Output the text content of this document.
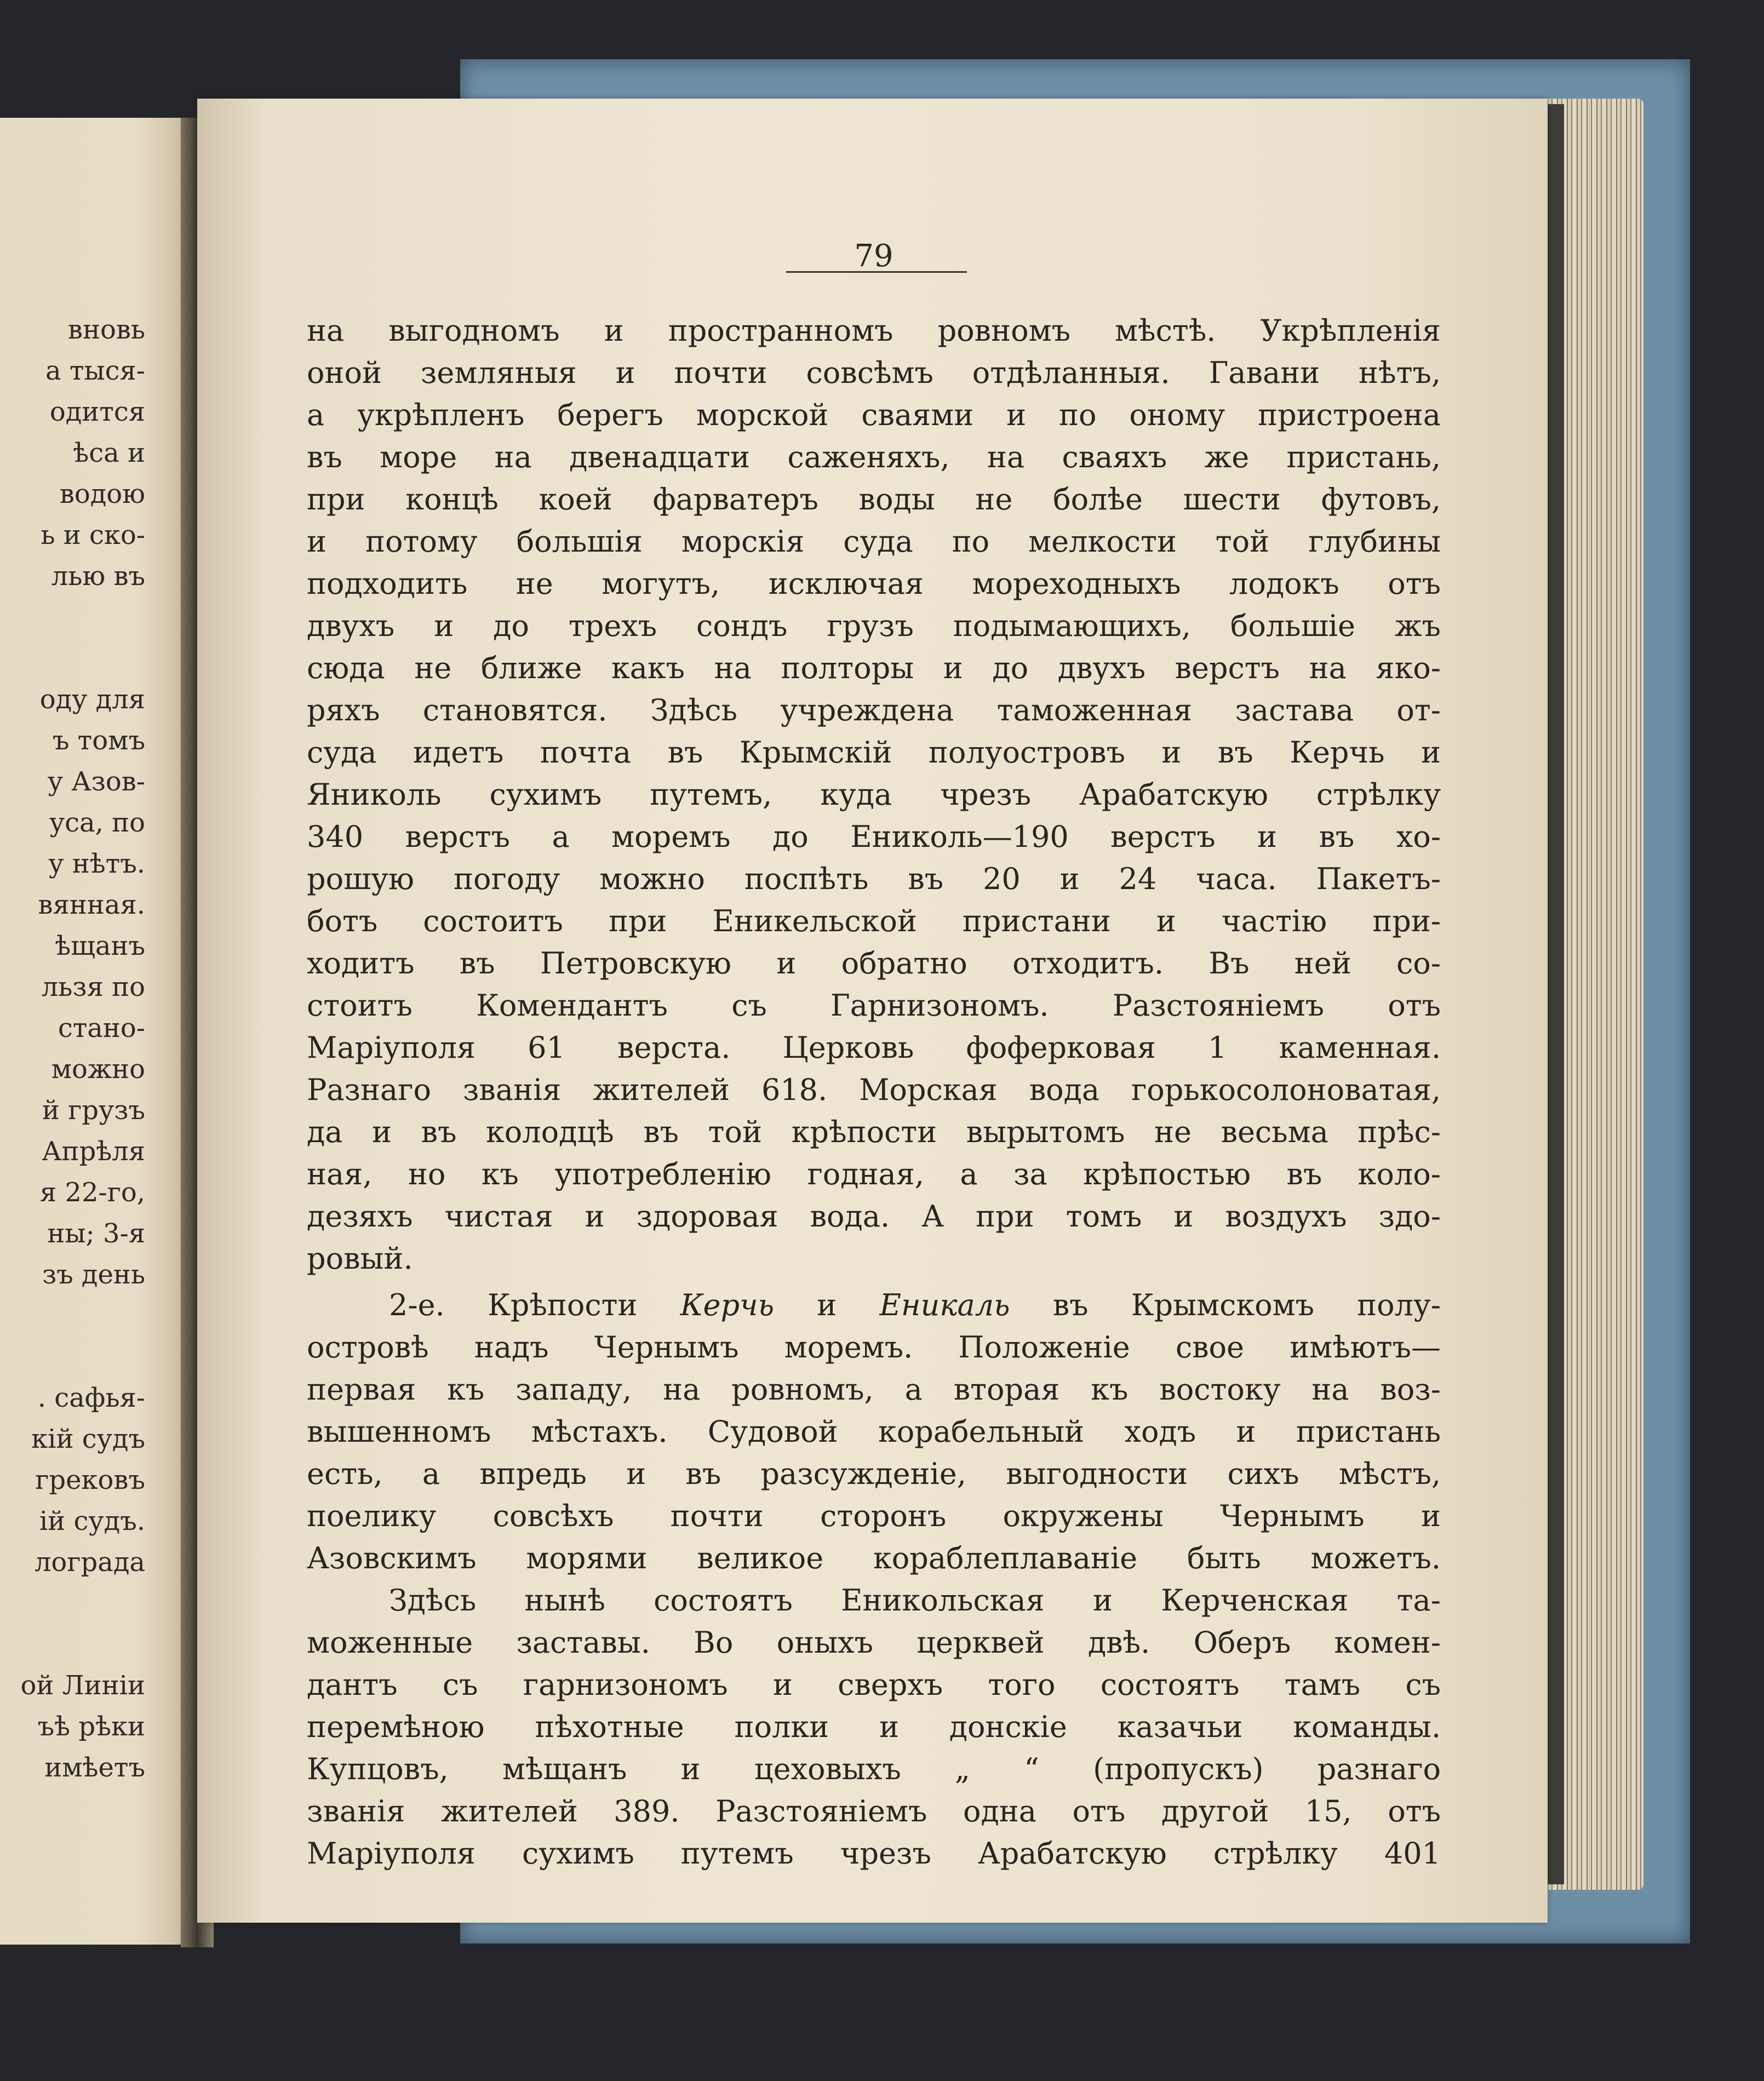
вновь
а тыся-
одится
ѣса и
водою
ь и ско-
лью въ
оду для
ъ томъ
у Азов-
уса, по
у нѣтъ.
вянная.
ѣщанъ
льзя по
стано-
можно
й грузъ
Апрѣля
я 22-го,
ны; 3-я
зъ день
. сафья-
кій судъ
грековъ
ій судъ.
лограда
ой Линіи
ъѣ рѣки
имѣетъ
79
на выгодномъ и пространномъ ровномъ мѣстѣ. Укрѣпленія
оной земляныя и почти совсѣмъ отдѣланныя. Гавани нѣтъ,
а укрѣпленъ берегъ морской сваями и по оному пристроена
въ море на двенадцати саженяхъ, на сваяхъ же пристань,
при концѣ коей фарватеръ воды не болѣе шести футовъ,
и потому большія морскія суда по мелкости той глубины
подходить не могутъ, исключая мореходныхъ лодокъ отъ
двухъ и до трехъ сондъ грузъ подымающихъ, большіе жъ
сюда не ближе какъ на полторы и до двухъ верстъ на яко-
ряхъ становятся. Здѣсь учреждена таможенная застава от-
суда идетъ почта въ Крымскій полуостровъ и въ Керчь и
Яниколь сухимъ путемъ, куда чрезъ Арабатскую стрѣлку
340 верстъ а моремъ до Ениколь—190 верстъ и въ хо-
рошую погоду можно поспѣть въ 20 и 24 часа. Пакетъ-
ботъ состоитъ при Еникельской пристани и частію при-
ходитъ въ Петровскую и обратно отходитъ. Въ ней со-
стоитъ Комендантъ съ Гарнизономъ. Разстояніемъ отъ
Маріуполя 61 верста. Церковь фоферковая 1 каменная.
Разнаго званія жителей 618. Морская вода горькосолоноватая,
да и въ колодцѣ въ той крѣпости вырытомъ не весьма прѣс-
ная, но къ употребленію годная, а за крѣпостью въ коло-
дезяхъ чистая и здоровая вода. А при томъ и воздухъ здо-
ровый.
2-е. Крѣпости Керчь и Еникаль въ Крымскомъ полу-
островѣ надъ Чернымъ моремъ. Положеніе свое имѣютъ—
первая къ западу, на ровномъ, а вторая къ востоку на воз-
вышенномъ мѣстахъ. Судовой корабельный ходъ и пристань
есть, а впредь и въ разсужденіе, выгодности сихъ мѣстъ,
поелику совсѣхъ почти сторонъ окружены Чернымъ и
Азовскимъ морями великое кораблеплаваніе быть можетъ.
Здѣсь нынѣ состоятъ Еникольская и Керченская та-
моженные заставы. Во оныхъ церквей двѣ. Оберъ комен-
дантъ съ гарнизономъ и сверхъ того состоятъ тамъ съ
перемѣною пѣхотные полки и донскіе казачьи команды.
Купцовъ, мѣщанъ и цеховыхъ „ “ (пропускъ) разнаго
званія жителей 389. Разстояніемъ одна отъ другой 15, отъ
Маріуполя сухимъ путемъ чрезъ Арабатскую стрѣлку 401
